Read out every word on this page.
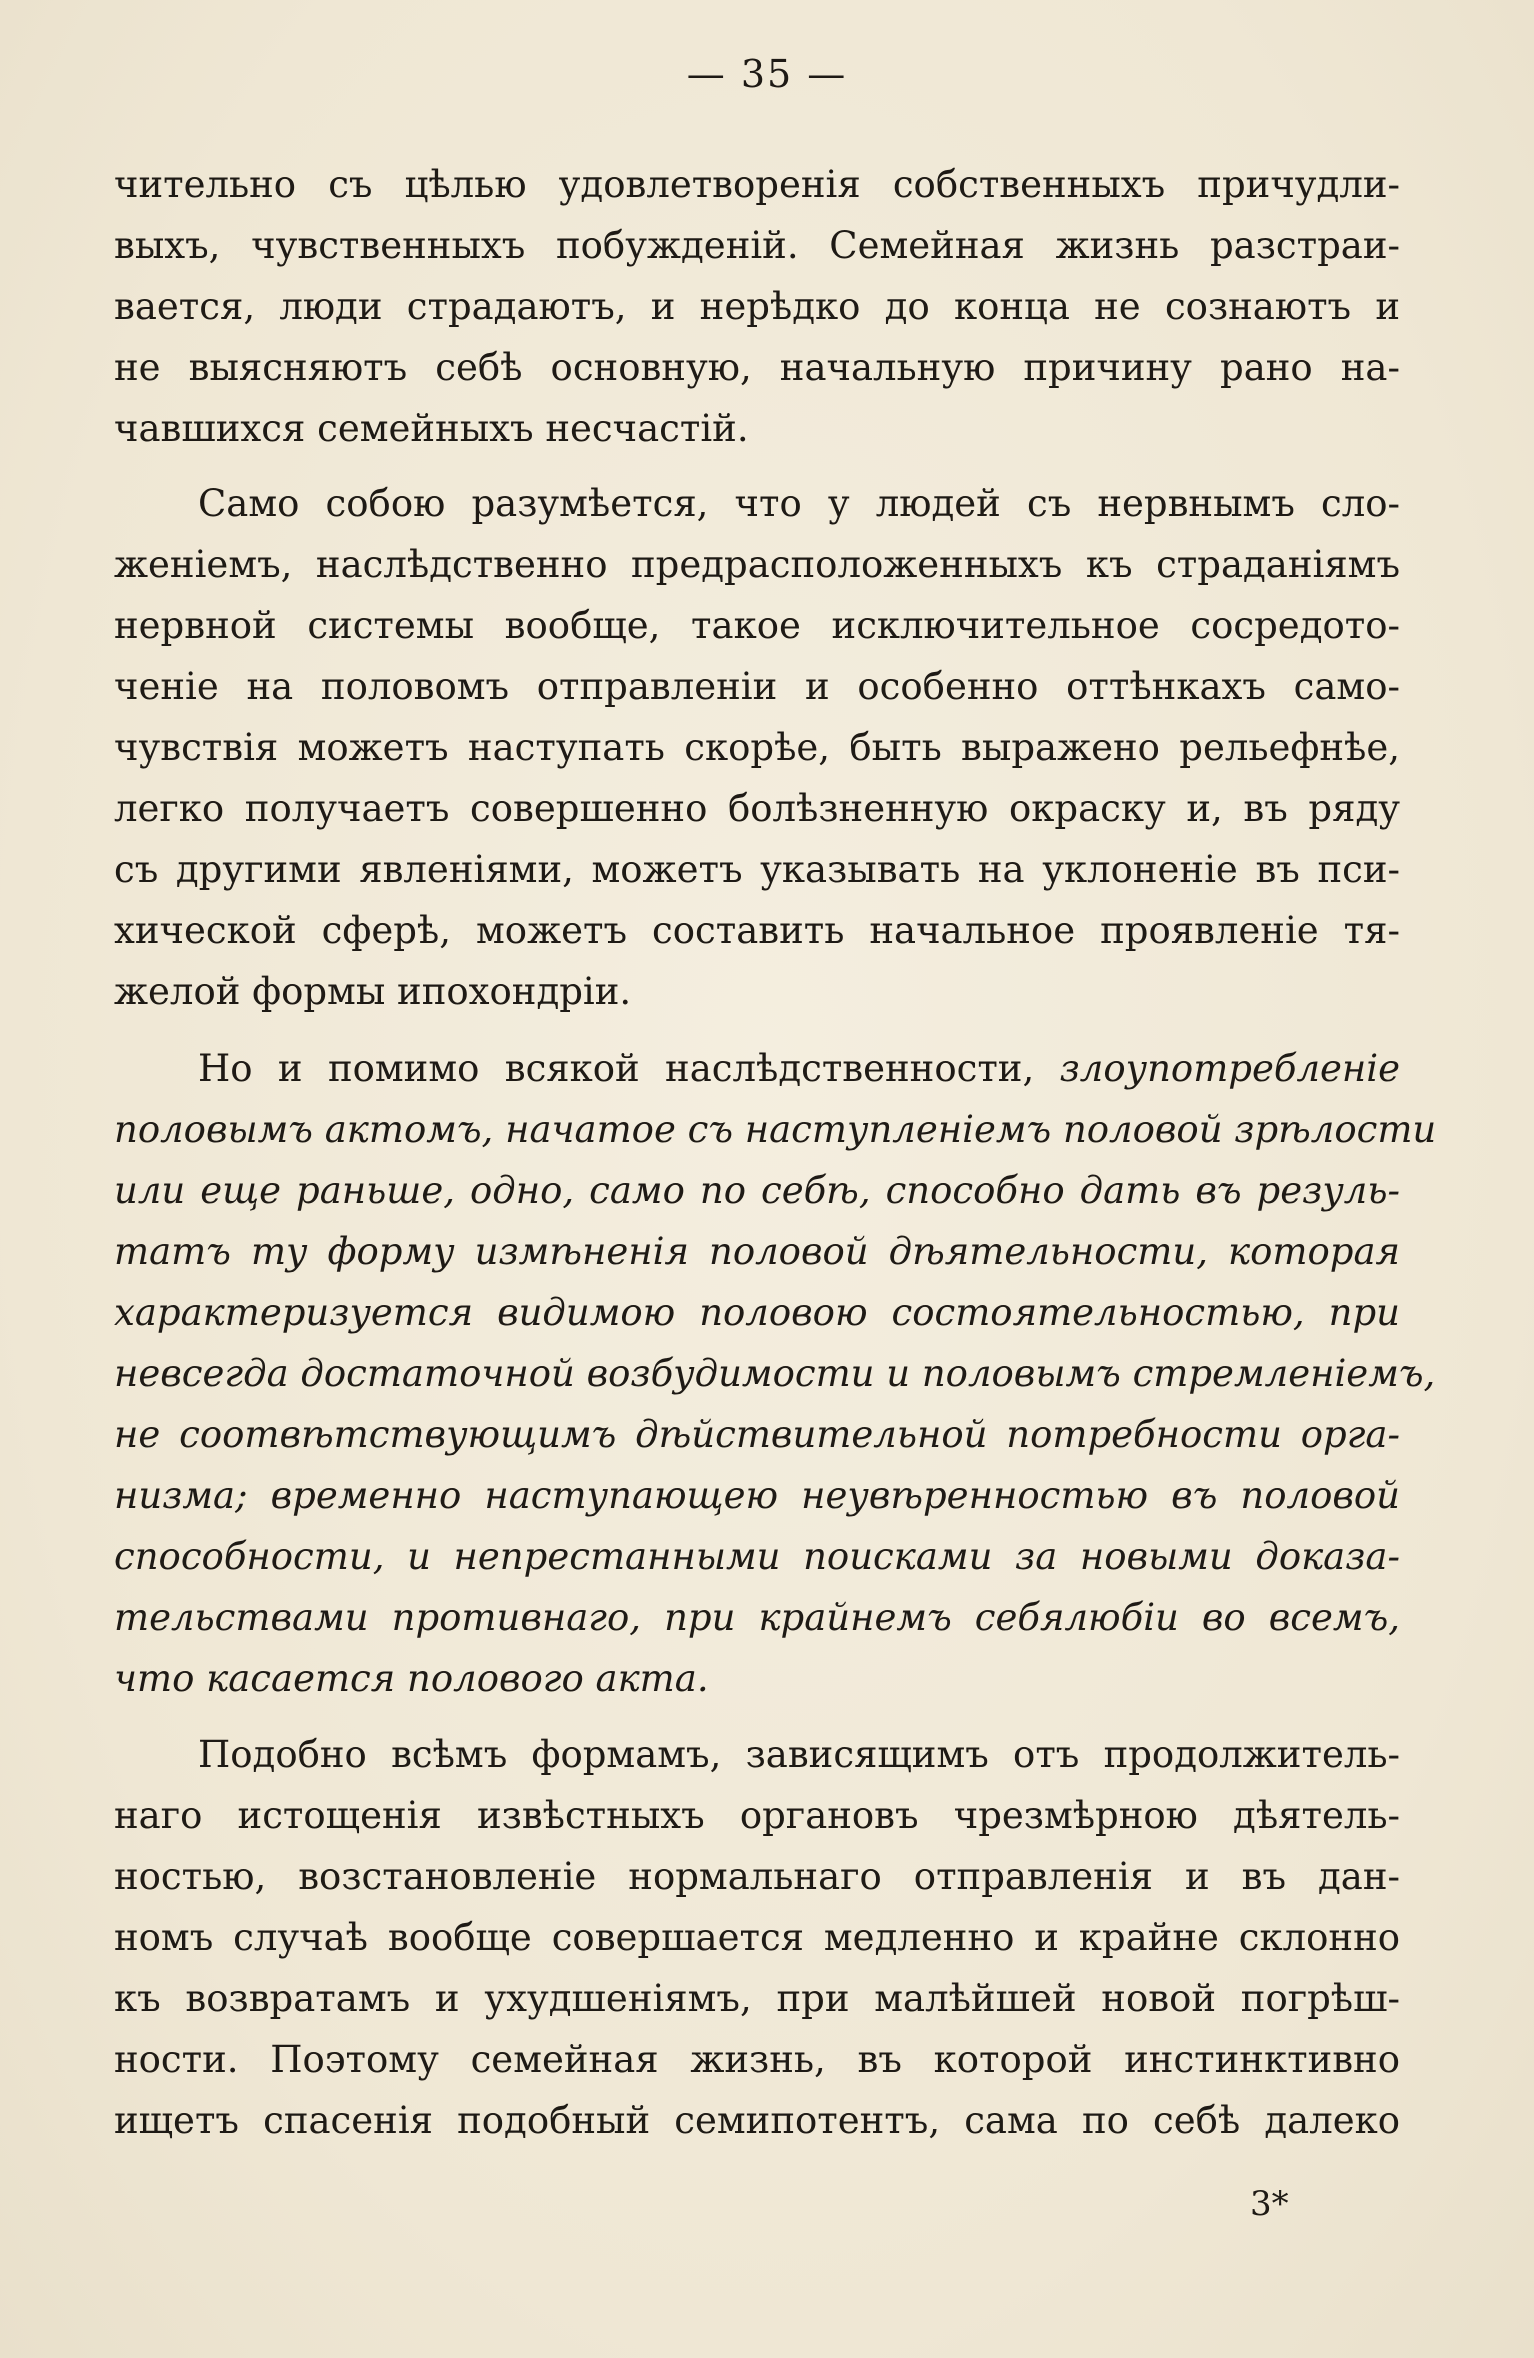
— 35 —
чительно съ цѣлью удовлетворенія собственныхъ причудли-
выхъ, чувственныхъ побужденій. Семейная жизнь разстраи-
вается, люди страдаютъ, и нерѣдко до конца не сознаютъ и
не выясняютъ себѣ основную, начальную причину рано на-
чавшихся семейныхъ несчастій.
Само собою разумѣется, что у людей съ нервнымъ сло-
женіемъ, наслѣдственно предрасположенныхъ къ страданіямъ
нервной системы вообще, такое исключительное сосредото-
ченіе на половомъ отправленіи и особенно оттѣнкахъ само-
чувствія можетъ наступать скорѣе, быть выражено рельефнѣе,
легко получаетъ совершенно болѣзненную окраску и, въ ряду
съ другими явленіями, можетъ указывать на уклоненіе въ пси-
хической сферѣ, можетъ составить начальное проявленіе тя-
желой формы ипохондріи.
Но и помимо всякой наслѣдственности, злоупотребленіе
половымъ актомъ, начатое съ наступленіемъ половой зрѣлости
или еще раньше, одно, само по себѣ, способно дать въ резуль-
татъ ту форму измѣненія половой дѣятельности, которая
характеризуется видимою половою состоятельностью, при
невсегда достаточной возбудимости и половымъ стремленіемъ,
не соотвѣтствующимъ дѣйствительной потребности орга-
низма; временно наступающею неувѣренностью въ половой
способности, и непрестанными поисками за новыми доказа-
тельствами противнаго, при крайнемъ себялюбіи во всемъ,
что касается полового акта.
Подобно всѣмъ формамъ, зависящимъ отъ продолжитель-
наго истощенія извѣстныхъ органовъ чрезмѣрною дѣятель-
ностью, возстановленіе нормальнаго отправленія и въ дан-
номъ случаѣ вообще совершается медленно и крайне склонно
къ возвратамъ и ухудшеніямъ, при малѣйшей новой погрѣш-
ности. Поэтому семейная жизнь, въ которой инстинктивно
ищетъ спасенія подобный семипотентъ, сама по себѣ далеко
3*
